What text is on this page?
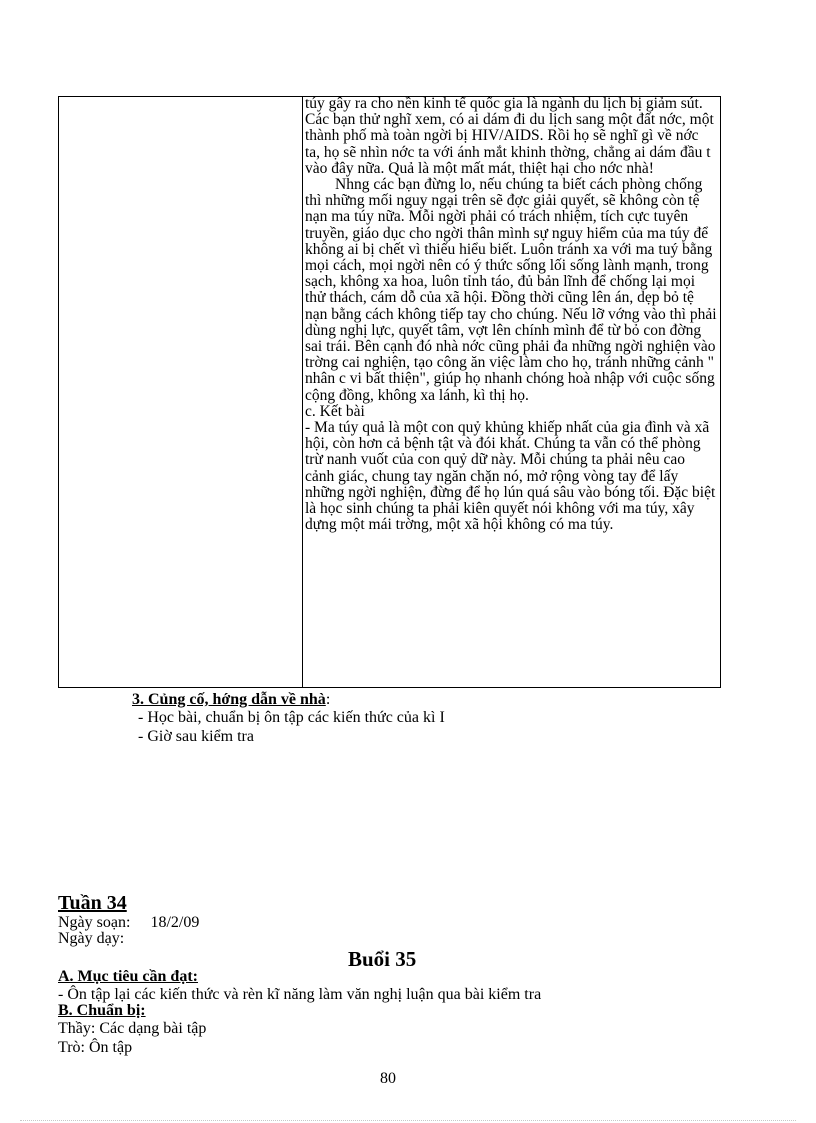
túy gây ra cho nền kinh tế quốc gia là ngành du lịch bị giảm sút. Các bạn thử nghĩ xem, có ai dám đi du lịch sang một đất nớc, một thành phố mà toàn ngời bị HIV/AIDS. Rồi họ sẽ nghĩ gì về nớc ta, họ sẽ nhìn nớc ta với ánh mắt khinh thờng, chẳng ai dám đầu t vào đây nữa. Quả là một mất mát, thiệt hại cho nớc nhà!

Nhng các bạn đừng lo, nếu chúng ta biết cách phòng chống thì những mối nguy ngại trên sẽ đợc giải quyết, sẽ không còn tệ nạn ma túy nữa. Mỗi ngời phải có trách nhiệm, tích cực tuyên truyền, giáo dục cho ngời thân mình sự nguy hiểm của ma túy để không ai bị chết vì thiếu hiểu biết. Luôn tránh xa với ma tuý bằng mọi cách, mọi ngời nên có ý thức sống lối sống lành mạnh, trong sạch, không xa hoa, luôn tỉnh táo, đủ bản lĩnh để chống lại mọi thử thách, cám dỗ của xã hội. Đồng thời cũng lên án, dẹp bỏ tệ nạn bằng cách không tiếp tay cho chúng. Nếu lỡ vớng vào thì phải dùng nghị lực, quyết tâm, vợt lên chính mình để từ bỏ con đờng sai trái. Bên cạnh đó nhà nớc cũng phải đa những ngời nghiện vào trờng cai nghiện, tạo công ăn việc làm cho họ, tránh những cảnh " nhân c vi bất thiện", giúp họ nhanh chóng hoà nhập với cuộc sống cộng đồng, không xa lánh, kì thị họ.

c. Kết bài

- Ma túy quả là một con quỷ khủng khiếp nhất của gia đình và xã hội, còn hơn cả bệnh tật và đói khát. Chúng ta vẫn có thể phòng trừ nanh vuốt của con quỷ dữ này. Mỗi chúng ta phải nêu cao cảnh giác, chung tay ngăn chặn nó, mở rộng vòng tay để lấy những ngời nghiện, đừng để họ lún quá sâu vào bóng tối. Đặc biệt là học sinh chúng ta phải kiên quyết nói không với ma túy, xây dựng một mái trờng, một xã hội không có ma túy.

3. Củng cố, hớng dẫn về nhà:
- Học bài, chuẩn bị ôn tập các kiến thức của kì I
- Giờ sau kiểm tra
Tuần 34
Ngày soạn: 18/2/09
Ngày dạy:
Buổi 35
A. Mục tiêu cần đạt:
- Ôn tập lại các kiến thức và rèn kĩ năng làm văn nghị luận qua bài kiểm tra
B. Chuẩn bị:
Thầy: Các dạng bài tập
Trò: Ôn tập
80
